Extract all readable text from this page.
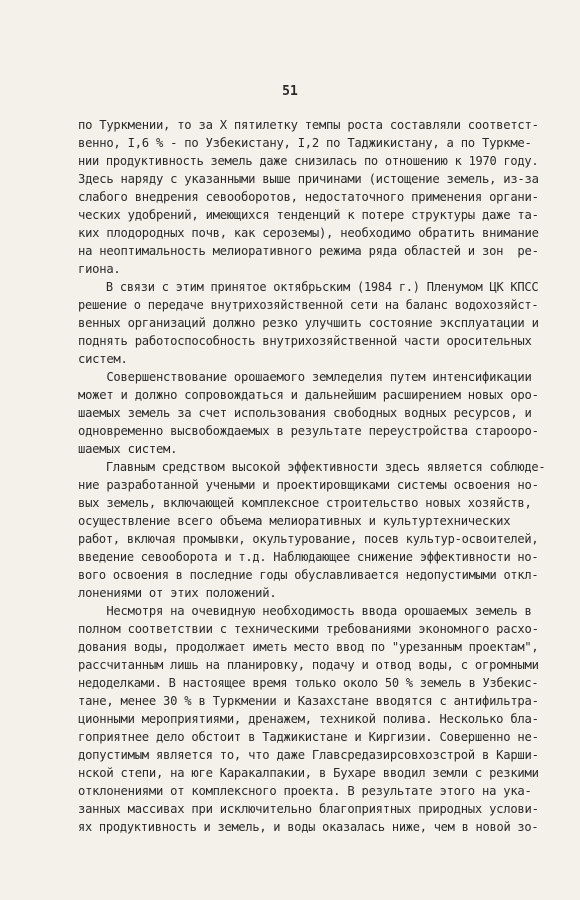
51
по Туркмении, то за X пятилетку темпы роста составляли соответст-
венно, I,6 % - по Узбекистану, I,2 по Таджикистану, а по Туркме-
нии продуктивность земель даже снизилась по отношению к 1970 году.
Здесь наряду с указанными выше причинами (истощение земель, из-за
слабого внедрения севооборотов, недостаточного применения органи-
ческих удобрений, имеющихся тенденций к потере структуры даже та-
ких плодородных почв, как сероземы), необходимо обратить внимание
на неоптимальность мелиоративного режима ряда областей и зон  ре-
гиона.
В связи с этим принятое октябрьским (1984 г.) Пленумом ЦК КПСС
решение о передаче внутрихозяйственной сети на баланс водохозяйст-
венных организаций должно резко улучшить состояние эксплуатации и
поднять работоспособность внутрихозяйственной части оросительных
систем.
Совершенствование орошаемого земледелия путем интенсификации
может и должно сопровождаться и дальнейшим расширением новых оро-
шаемых земель за счет использования свободных водных ресурсов, и
одновременно высвобождаемых в результате переустройства староорo-
шаемых систем.
Главным средством высокой эффективности здесь является соблюде-
ние разработанной учеными и проектировщиками системы освоения но-
вых земель, включающей комплексное строительство новых хозяйств,
осуществление всего объема мелиоративных и культуртехнических
работ, включая промывки, окультурование, посев культур-освоителей,
введение севооборота и т.д. Наблюдающее снижение эффективности но-
вого освоения в последние годы обуславливается недопустимыми откл-
лонениями от этих положений.
Несмотря на очевидную необходимость ввода орошаемых земель в
полном соответствии с техническими требованиями экономного расхо-
дования воды, продолжает иметь место ввод по "урезанным проектам",
рассчитанным лишь на планировку, подачу и отвод воды, с огромными
недоделками. В настоящее время только около 50 % земель в Узбекис-
тане, менее 30 % в Туркмении и Казахстане вводятся с антифильтра-
ционными мероприятиями, дренажем, техникой полива. Несколько бла-
гоприятнее дело обстоит в Таджикистане и Киргизии. Совершенно не-
допустимым является то, что даже Главсредазирсовхозстрой в Карши-
нской степи, на юге Каракалпакии, в Бухаре вводил земли с резкими
отклонениями от комплексного проекта. В результате этого на ука-
занных массивах при исключительно благоприятных природных услови-
ях продуктивность и земель, и воды оказалась ниже, чем в новой зо-
